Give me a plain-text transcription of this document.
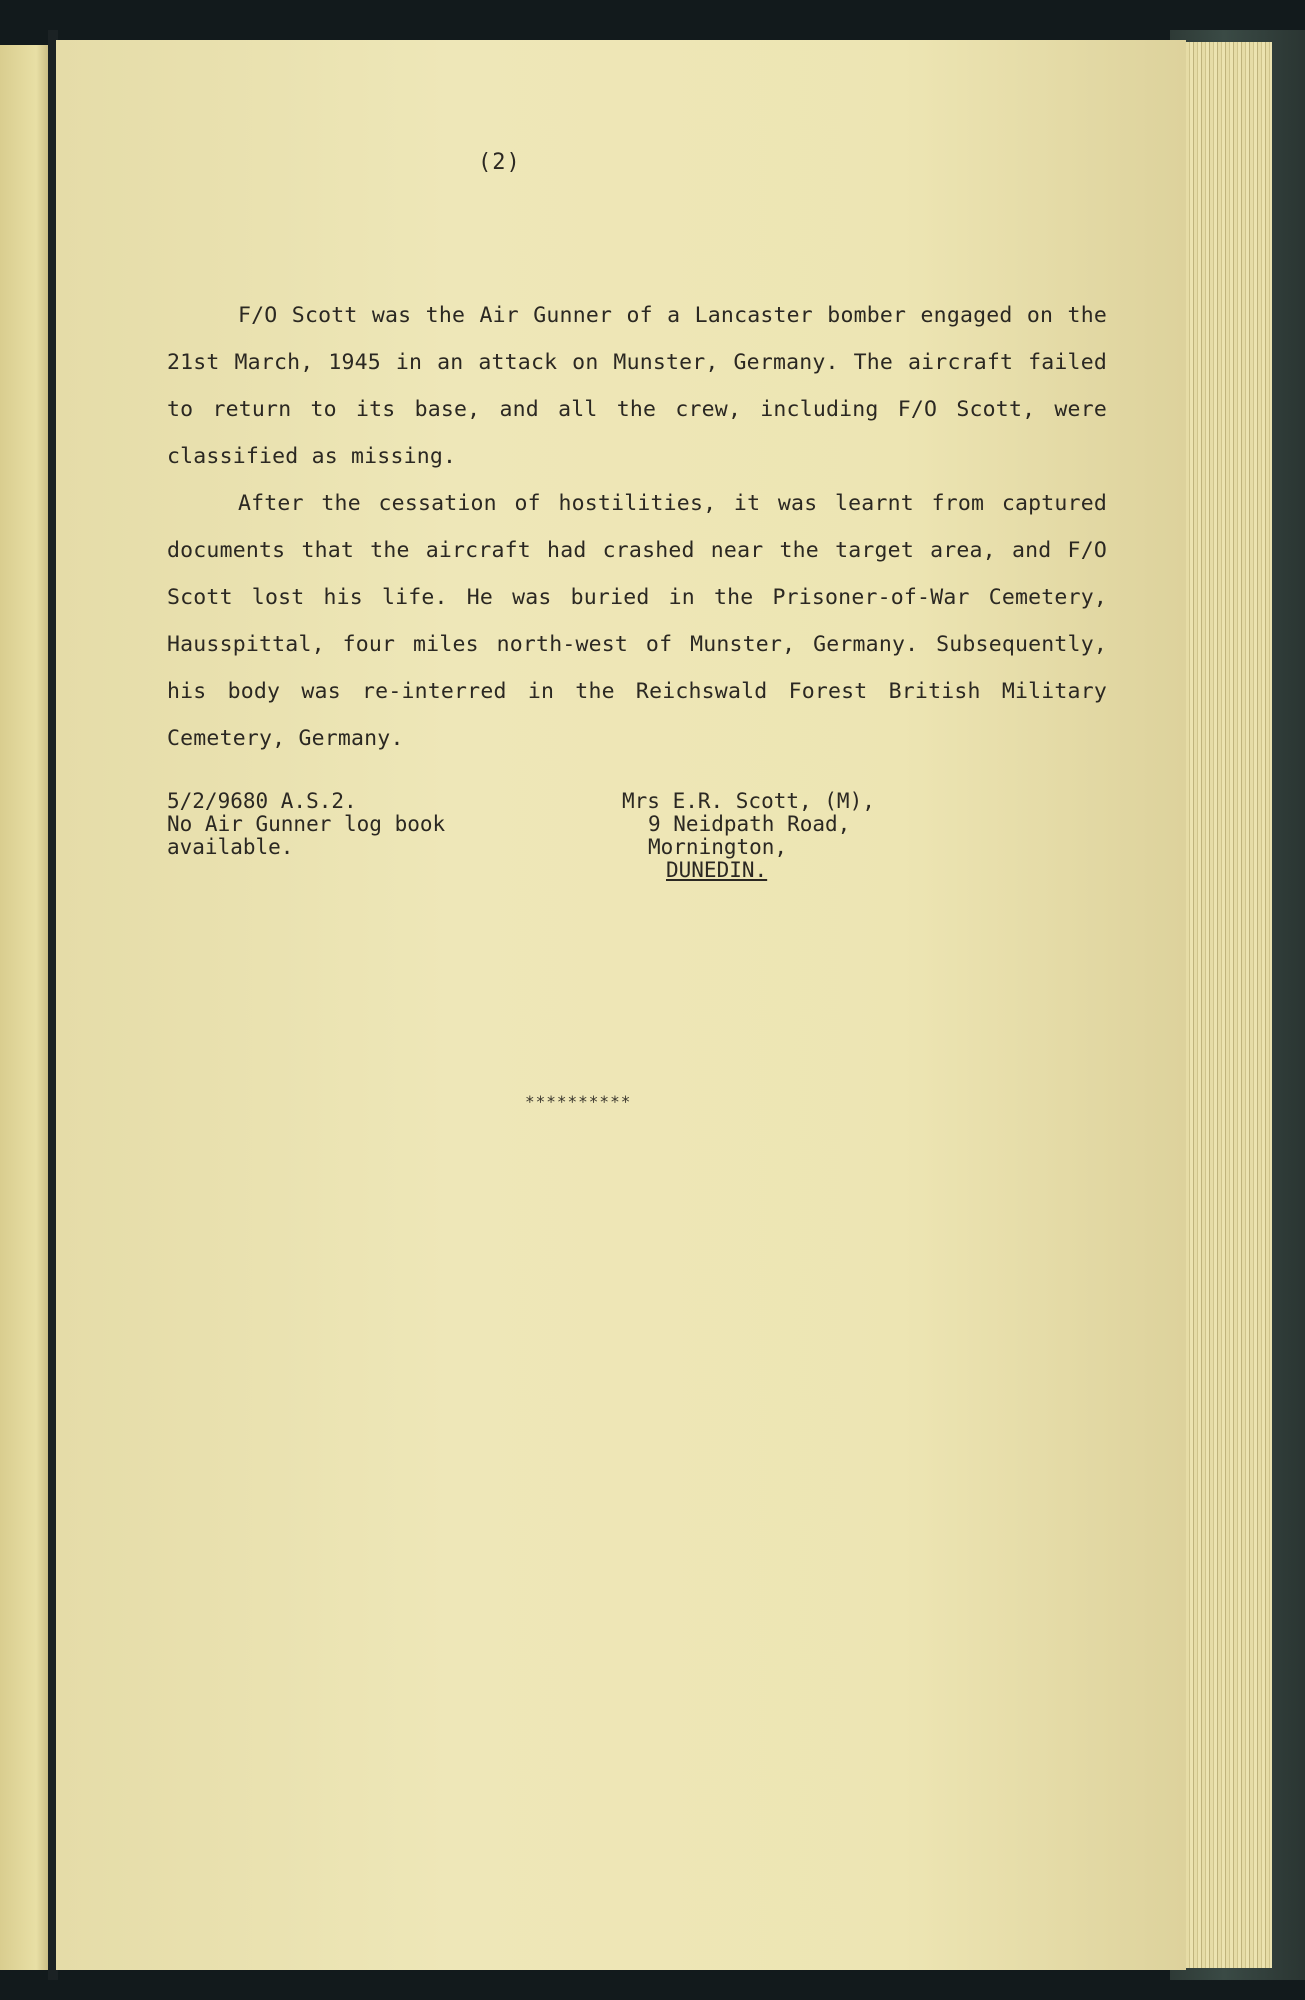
(2)

F/O Scott was the Air Gunner of a Lancaster bomber engaged on the 21st March, 1945 in an attack on Munster, Germany. The aircraft failed to return to its base, and all the crew, including F/O Scott, were classified as missing.

After the cessation of hostilities, it was learnt from captured documents that the aircraft had crashed near the target area, and F/O Scott lost his life. He was buried in the Prisoner-of-War Cemetery, Hausspittal, four miles north-west of Munster, Germany. Subsequently, his body was re-interred in the Reichswald Forest British Military Cemetery, Germany.

5/2/9680 A.S.2.
No Air Gunner log book
available.
Mrs E.R. Scott, (M),
9 Neidpath Road,
Mornington,
DUNEDIN.
**********
